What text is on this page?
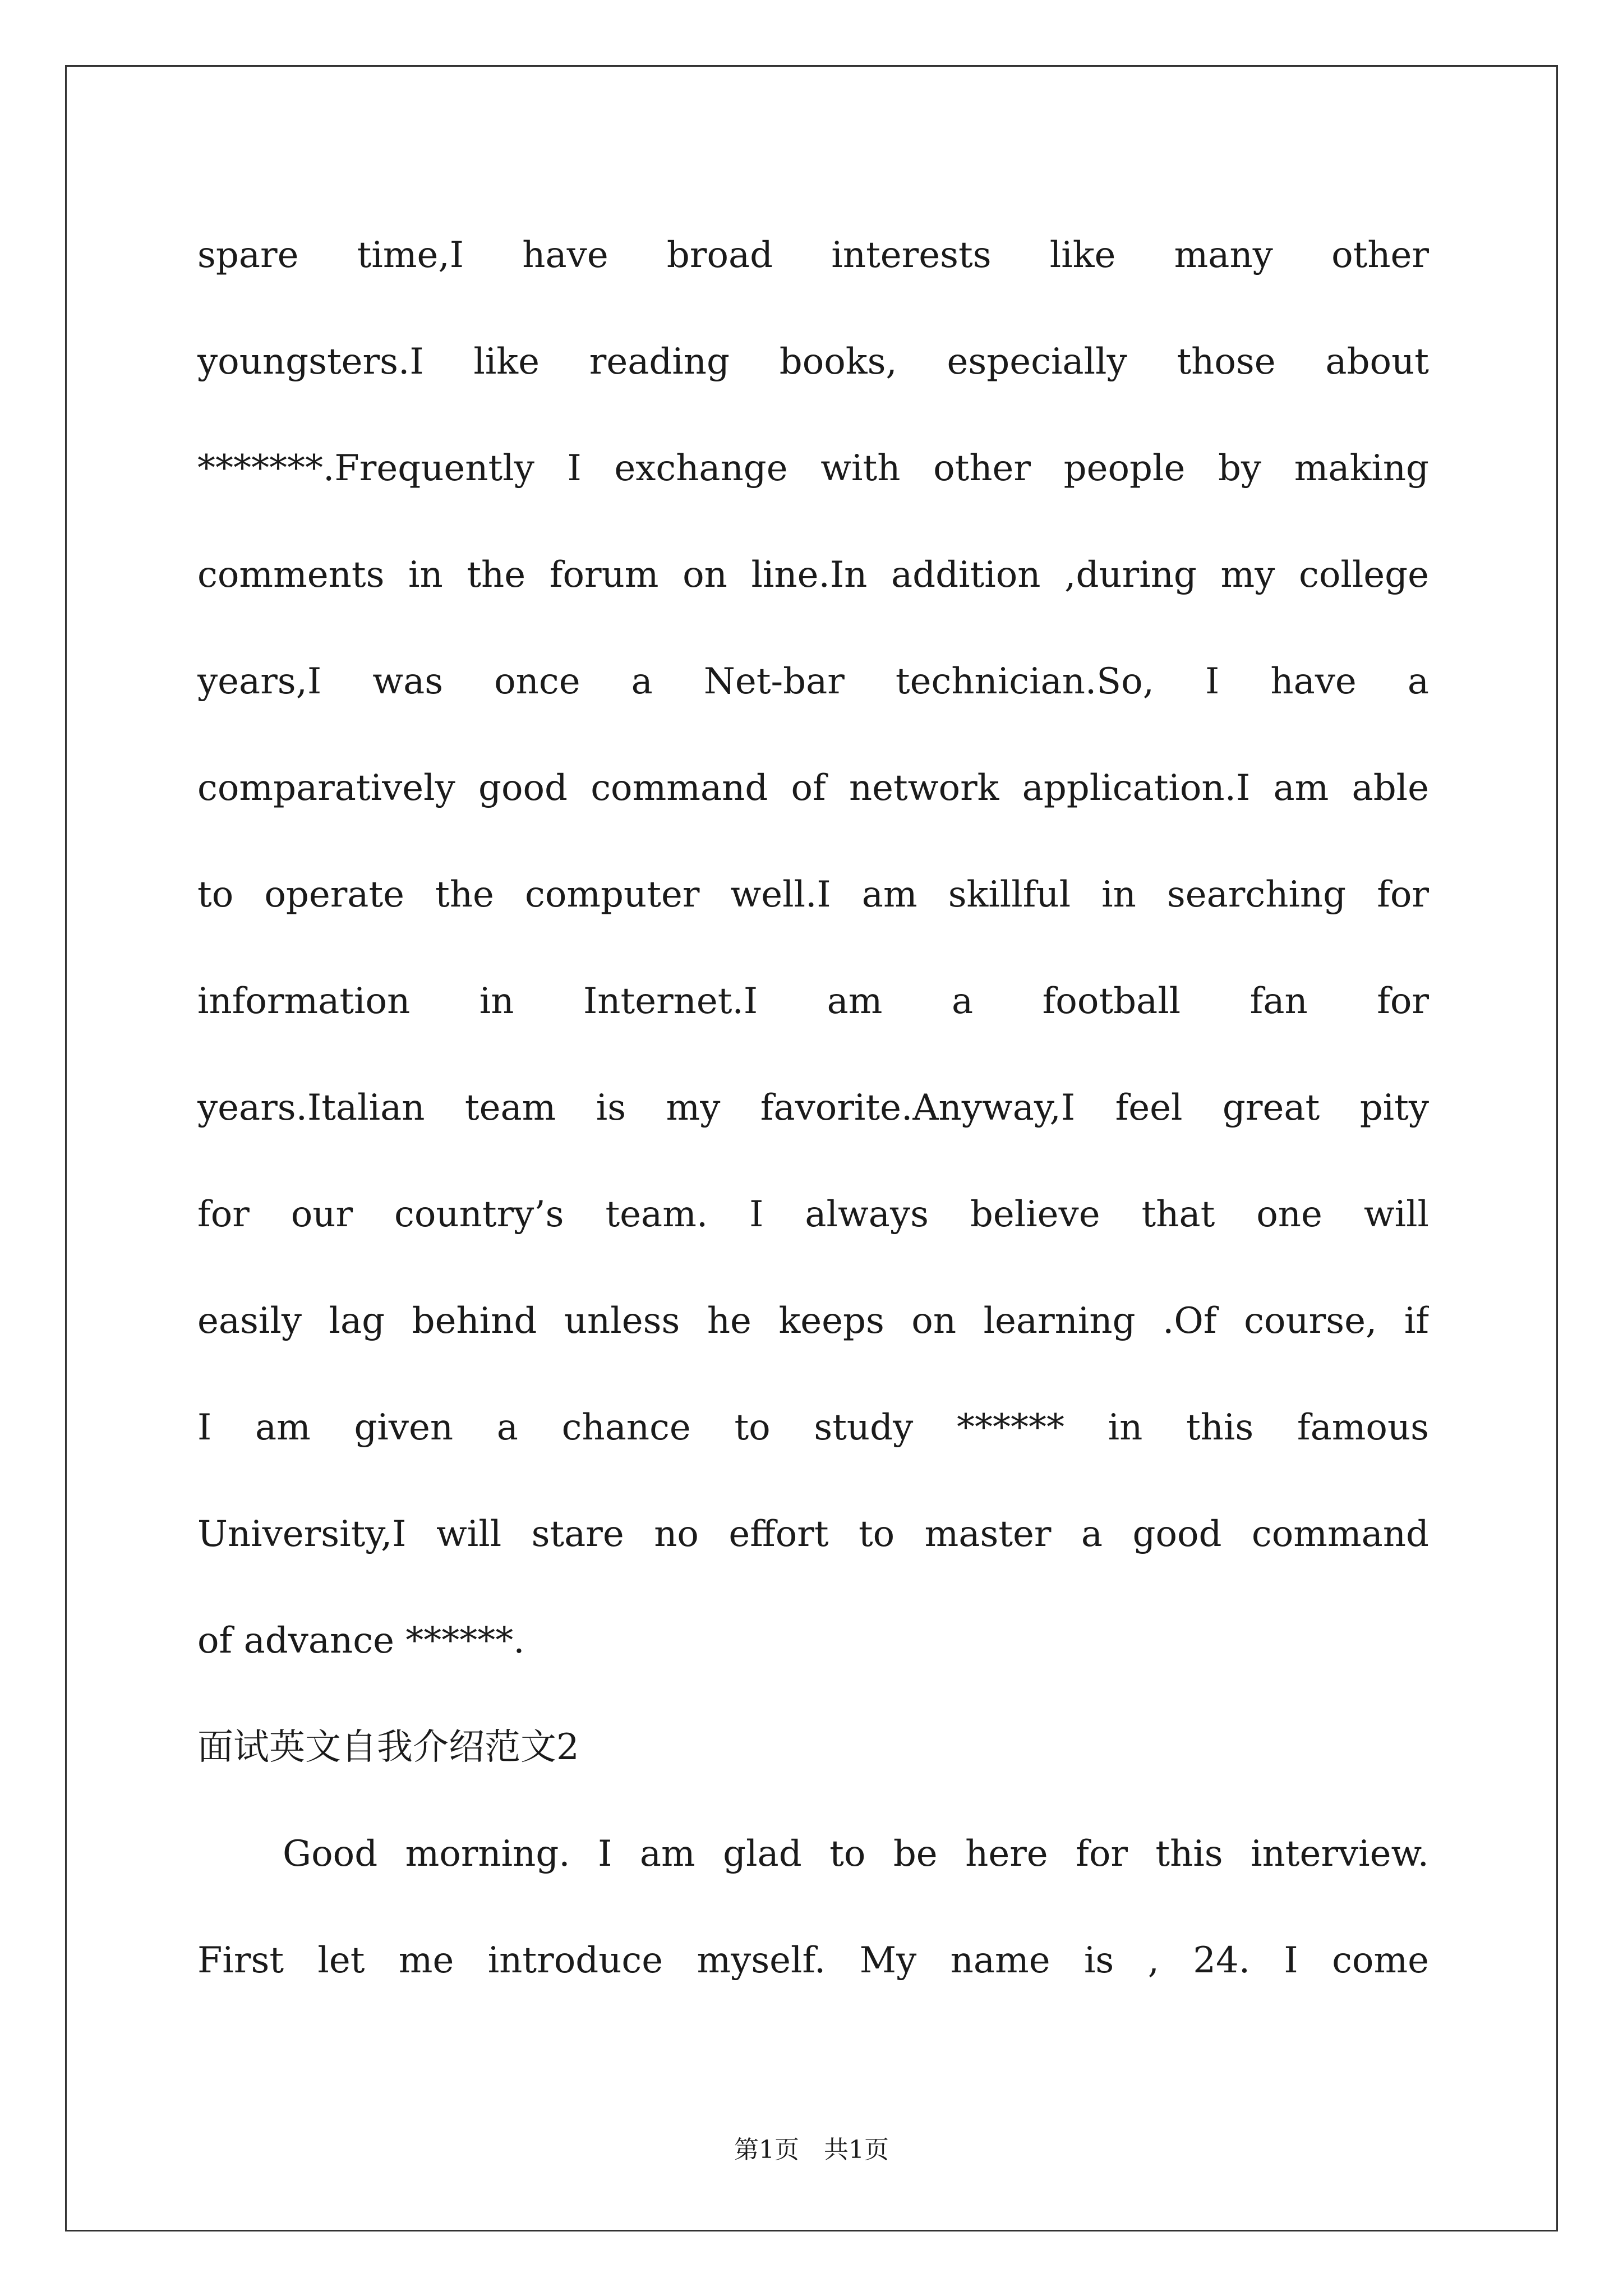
spare time,I have broad interests like many other
youngsters.I like reading books, especially those about
*******.Frequently I exchange with other people by making
comments in the forum on line.In addition ,during my college
years,I was once a Net-bar technician.So, I have a
comparatively good command of network application.I am able
to operate the computer well.I am skillful in searching for
information in Internet.I am a football fan for
years.Italian team is my favorite.Anyway,I feel great pity
for our country’s team. I always believe that one will
easily lag behind unless he keeps on learning .Of course, if
I am given a chance to study ****** in this famous
University,I will stare no effort to master a good command
of advance ******.
面试英文自我介绍范文2
Good morning. I am glad to be here for this interview.
First let me introduce myself. My name is , 24. I come
第1页　共1页
